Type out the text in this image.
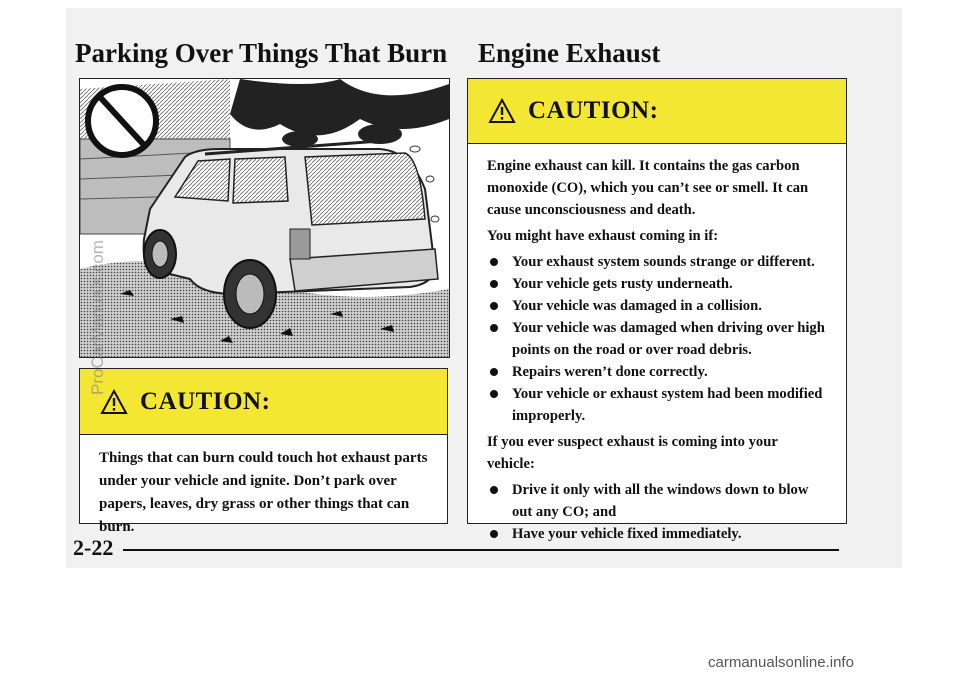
Parking Over Things That Burn Engine Exhaust
CAUTION:

Things that can burn could touch hot exhaust parts under your vehicle and ignite. Don’t park over papers, leaves, dry grass or other things that can burn.

CAUTION:

Engine exhaust can kill. It contains the gas carbon monoxide (CO), which you can’t see or smell. It can cause unconsciousness and death.

You might have exhaust coming in if:

Your exhaust system sounds strange or different.
Your vehicle gets rusty underneath.
Your vehicle was damaged in a collision.
Your vehicle was damaged when driving over high points on the road or over road debris.
Repairs weren’t done correctly.
Your vehicle or exhaust system had been modified improperly.

If you ever suspect exhaust is coming into your vehicle:

Drive it only with all the windows down to blow out any CO; and
Have your vehicle fixed immediately.
2-22
ProCarManuals.com
carmanualsonline.info
